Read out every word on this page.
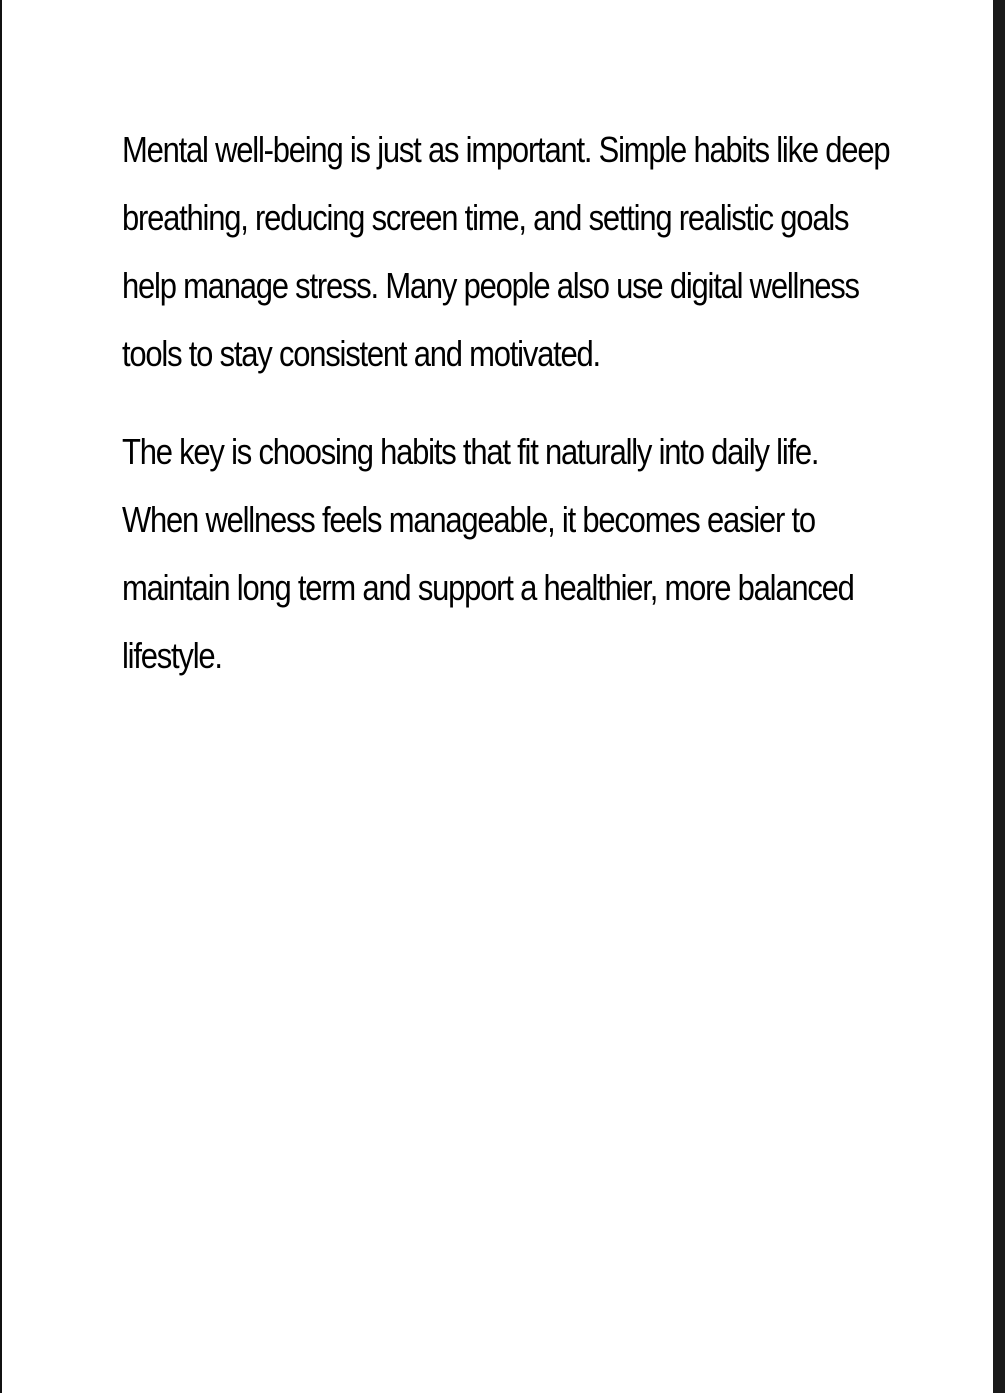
Mental well-being is just as important. Simple habits like deep breathing, reducing screen time, and setting realistic goals help manage stress. Many people also use digital wellness tools to stay consistent and motivated.

The key is choosing habits that fit naturally into daily life. When wellness feels manageable, it becomes easier to maintain long term and support a healthier, more balanced lifestyle.
